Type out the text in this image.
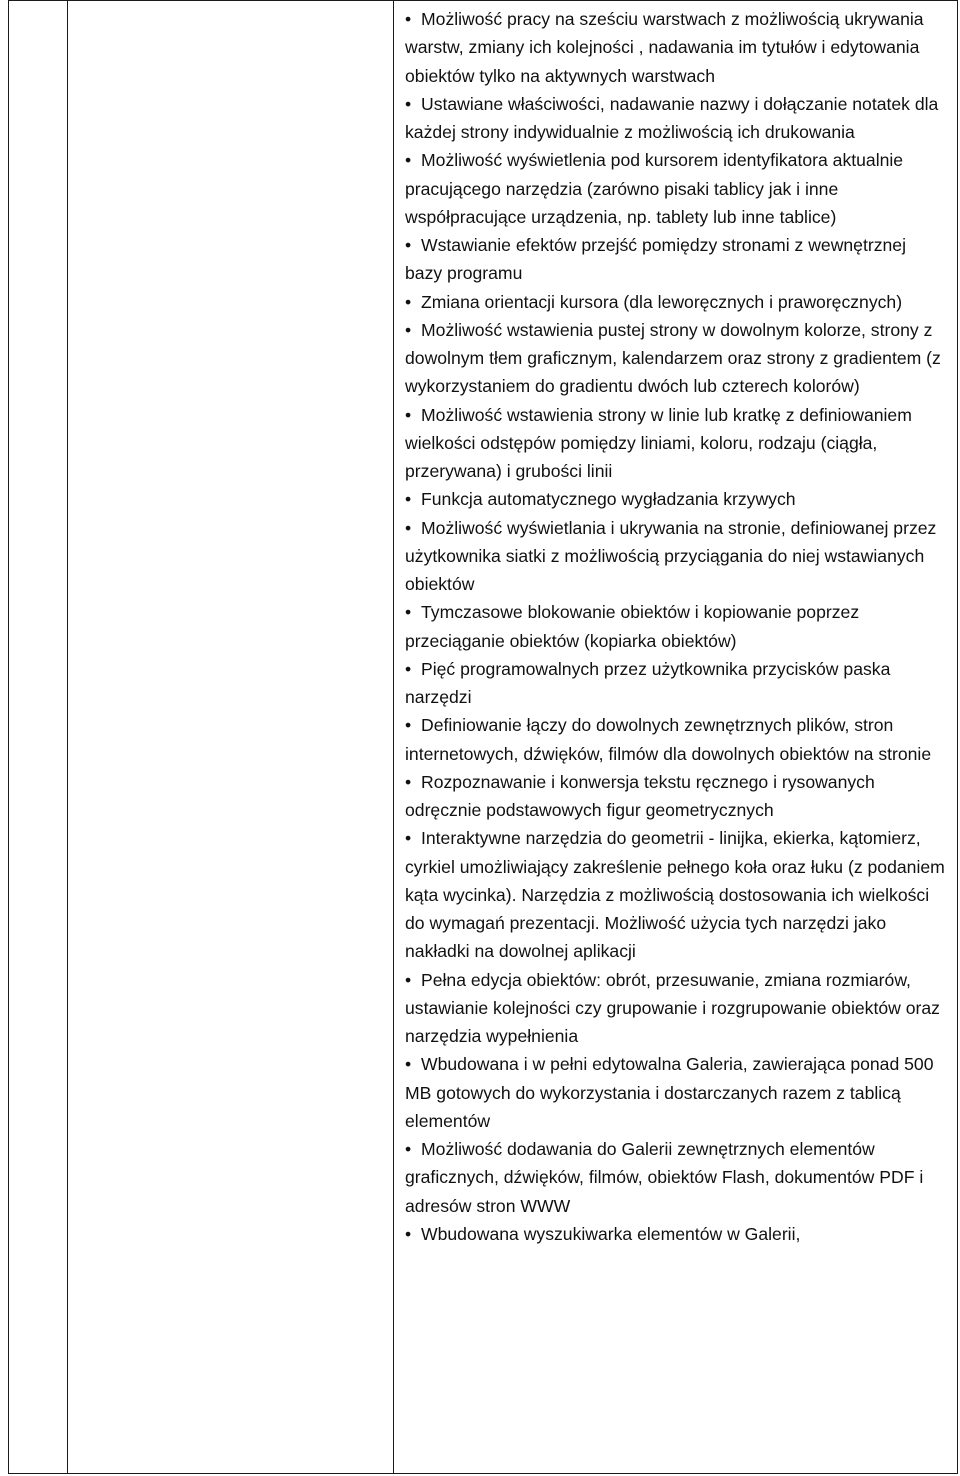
• Możliwość pracy na sześciu warstwach z możliwością ukrywania warstw, zmiany ich kolejności , nadawania im tytułów i edytowania obiektów tylko na aktywnych warstwach
• Ustawiane właściwości, nadawanie nazwy i dołączanie notatek dla każdej strony indywidualnie z możliwością ich drukowania
• Możliwość wyświetlenia pod kursorem identyfikatora aktualnie pracującego narzędzia (zarówno pisaki tablicy jak i inne współpracujące urządzenia, np. tablety lub inne tablice)
• Wstawianie efektów przejść pomiędzy stronami z wewnętrznej bazy programu
• Zmiana orientacji kursora (dla leworęcznych i praworęcznych)
• Możliwość wstawienia pustej strony w dowolnym kolorze, strony z dowolnym tłem graficznym, kalendarzem oraz strony z gradientem (z wykorzystaniem do gradientu dwóch lub czterech kolorów)
• Możliwość wstawienia strony w linie lub kratkę z definiowaniem wielkości odstępów pomiędzy liniami, koloru, rodzaju (ciągła, przerywana) i grubości linii
• Funkcja automatycznego wygładzania krzywych
• Możliwość wyświetlania i ukrywania na stronie, definiowanej przez użytkownika siatki z możliwością przyciągania do niej wstawianych obiektów
• Tymczasowe blokowanie obiektów i kopiowanie poprzez przeciąganie obiektów (kopiarka obiektów)
• Pięć programowalnych przez użytkownika przycisków paska narzędzi
• Definiowanie łączy do dowolnych zewnętrznych plików, stron internetowych, dźwięków, filmów dla dowolnych obiektów na stronie
• Rozpoznawanie i konwersja tekstu ręcznego i rysowanych odręcznie podstawowych figur geometrycznych
• Interaktywne narzędzia do geometrii - linijka, ekierka, kątomierz, cyrkiel umożliwiający zakreślenie pełnego koła oraz łuku (z podaniem kąta wycinka). Narzędzia z możliwością dostosowania ich wielkości do wymagań prezentacji. Możliwość użycia tych narzędzi jako nakładki na dowolnej aplikacji
• Pełna edycja obiektów: obrót, przesuwanie, zmiana rozmiarów, ustawianie kolejności czy grupowanie i rozgrupowanie obiektów oraz narzędzia wypełnienia
• Wbudowana i w pełni edytowalna Galeria, zawierająca ponad 500 MB gotowych do wykorzystania i dostarczanych razem z tablicą elementów
• Możliwość dodawania do Galerii zewnętrznych elementów graficznych, dźwięków, filmów, obiektów Flash, dokumentów PDF i adresów stron WWW
• Wbudowana wyszukiwarka elementów w Galerii,
